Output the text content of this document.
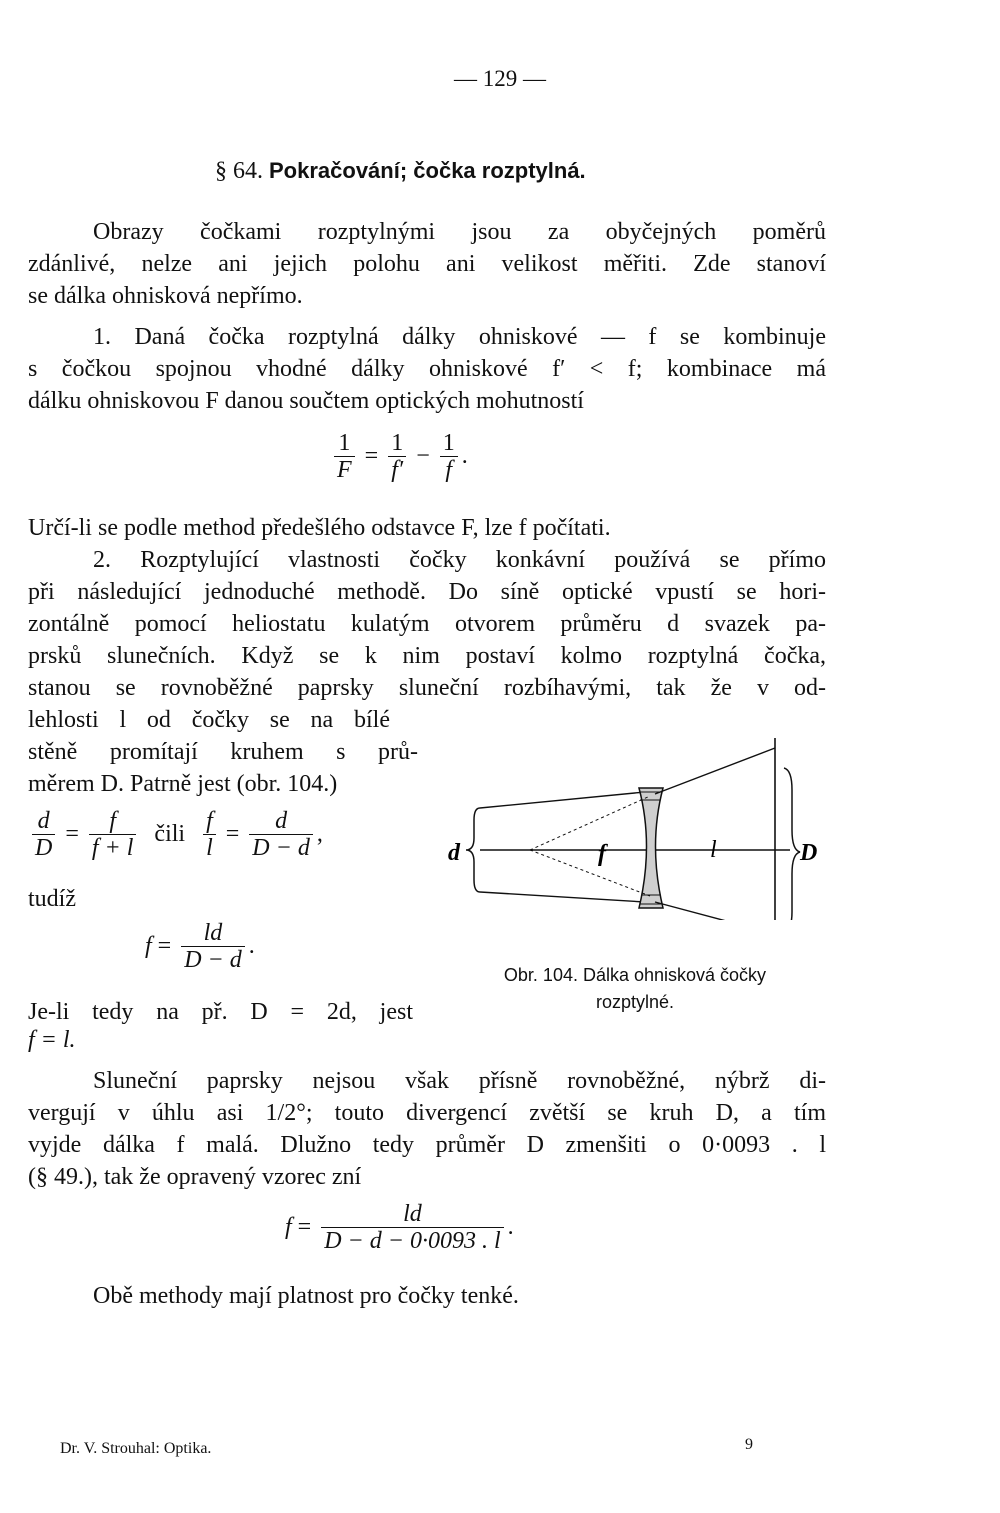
— 129 —
§ 64. Pokračování; čočka rozptylná.
Obrazy čočkami rozptylnými jsou za obyčejných poměrů
zdánlivé, nelze ani jejich polohu ani velikost měřiti. Zde stanoví
se dálka ohnisková nepřímo.
1. Daná čočka rozptylná dálky ohniskové — f se kombinuje
s čočkou spojnou vhodné dálky ohniskové f′ < f; kombinace má
dálku ohniskovou F danou součtem optických mohutností
$\frac{1}{F} = \frac{1}{f'} - \frac{1}{f}$ .
Určí-li se podle method předešlého odstavce F, lze f počítati.
2. Rozptylující vlastnosti čočky konkávní používá se přímo
při následující jednoduché methodě. Do síně optické vpustí se hori-
zontálně pomocí heliostatu kulatým otvorem průměru d svazek pa-
prsků slunečních. Když se k nim postaví kolmo rozptylná čočka,
stanou se rovnoběžné paprsky sluneční rozbíhavými, tak že v od-
lehlosti l od čočky se na bílé
stěně promítají kruhem s prů-
měrem D. Patrně jest (obr. 104.)
$\frac{d}{D} = \frac{f}{f + l}$ čili $\frac{f}{l} = \frac{d}{D - d}$ ,
tudíž
$f = \frac{ld}{D - d}$ .
Je-li tedy na př. D = 2d, jest
f = l.
d	f	l	D
Obr. 104. Dálka ohnisková čočky
rozptylné.
Sluneční paprsky nejsou však přísně rovnoběžné, nýbrž di-
vergují v úhlu asi 1/2°; touto divergencí zvětší se kruh D, a tím
vyjde dálka f malá. Dlužno tedy průměr D zmenšiti o 0·0093 . l
(§ 49.), tak že opravený vzorec zní
$f = \frac{ld}{D - d - 0\cdot 0093 . l}$ .
Obě methody mají platnost pro čočky tenké.
Dr. V. Strouhal: Optika.	9
